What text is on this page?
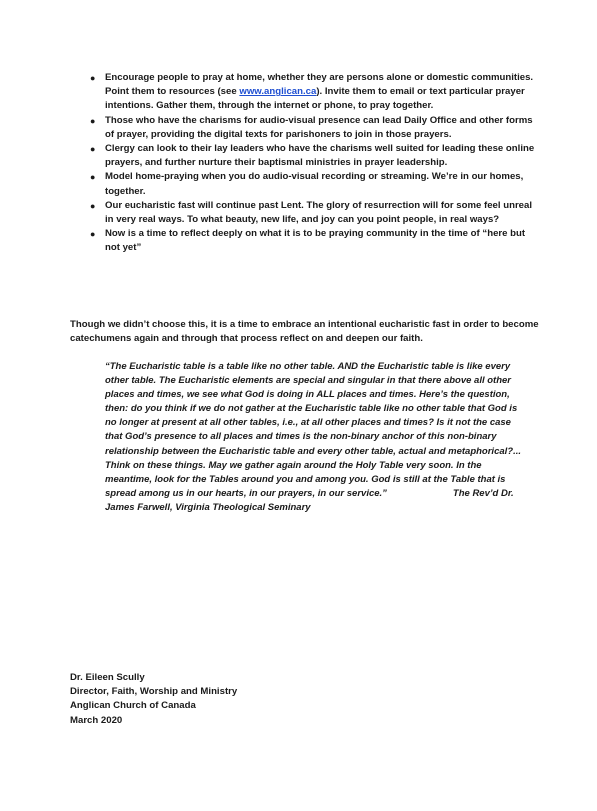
● Encourage people to pray at home, whether they are persons alone or domestic communities. Point them to resources (see www.anglican.ca). Invite them to email or text particular prayer intentions. Gather them, through the internet or phone, to pray together.
● Those who have the charisms for audio-visual presence can lead Daily Office and other forms of prayer, providing the digital texts for parishoners to join in those prayers.
● Clergy can look to their lay leaders who have the charisms well suited for leading these online prayers, and further nurture their baptismal ministries in prayer leadership.
● Model home-praying when you do audio-visual recording or streaming. We’re in our homes, together.
● Our eucharistic fast will continue past Lent. The glory of resurrection will for some feel unreal in very real ways. To what beauty, new life, and joy can you point people, in real ways?
● Now is a time to reflect deeply on what it is to be praying community in the time of “here but not yet”

Though we didn’t choose this, it is a time to embrace an intentional eucharistic fast in order to become catechumens again and through that process reflect on and deepen our faith.

“The Eucharistic table is a table like no other table. AND the Eucharistic table is like every other table. The Eucharistic elements are special and singular in that there above all other places and times, we see what God is doing in ALL places and times. Here’s the question, then: do you think if we do not gather at the Eucharistic table like no other table that God is no longer at present at all other tables, i.e., at all other places and times? Is it not the case that God’s presence to all places and times is the non-binary anchor of this non-binary relationship between the Eucharistic table and every other table, actual and metaphorical?... Think on these things. May we gather again around the Holy Table very soon. In the meantime, look for the Tables around you and among you. God is still at the Table that is spread among us in our hearts, in our prayers, in our service.”	The Rev’d Dr. James Farwell, Virginia Theological Seminary

Dr. Eileen Scully
Director, Faith, Worship and Ministry
Anglican Church of Canada
March 2020
